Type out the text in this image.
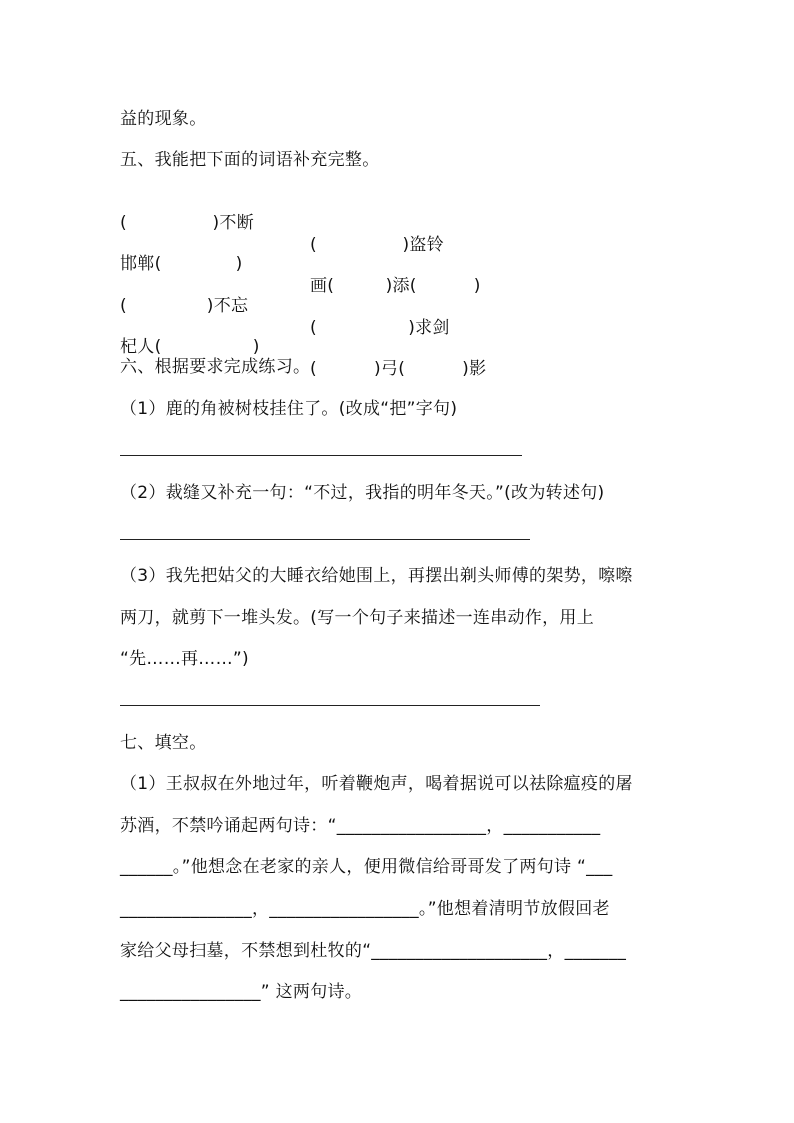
益的现象。
五、我能把下面的词语补充完整。

(               )不断

(               )盗铃

邯郸(             )

画(         )添(          )

(              )不忘

(                )求剑

杞人(                )

(          )弓(          )影

六、根据要求完成练习。
（1）鹿的角被树枝挂住了。(改成“把”字句)
（2）裁缝又补充一句：“不过，我指的明年冬天。”(改为转述句)
（3）我先把姑父的大睡衣给她围上，再摆出剃头师傅的架势，嚓嚓
两刀，就剪下一堆头发。(写一个句子来描述一连串动作，用上
“先……再……”)
七、填空。
（1）王叔叔在外地过年，听着鞭炮声，喝着据说可以祛除瘟疫的屠
苏酒，不禁吟诵起两句诗：“_________________，___________
______。”他想念在老家的亲人，便用微信给哥哥发了两句诗 “___
_______________，_________________。”他想着清明节放假回老
家给父母扫墓，不禁想到杜牧的“____________________，_______
________________” 这两句诗。
